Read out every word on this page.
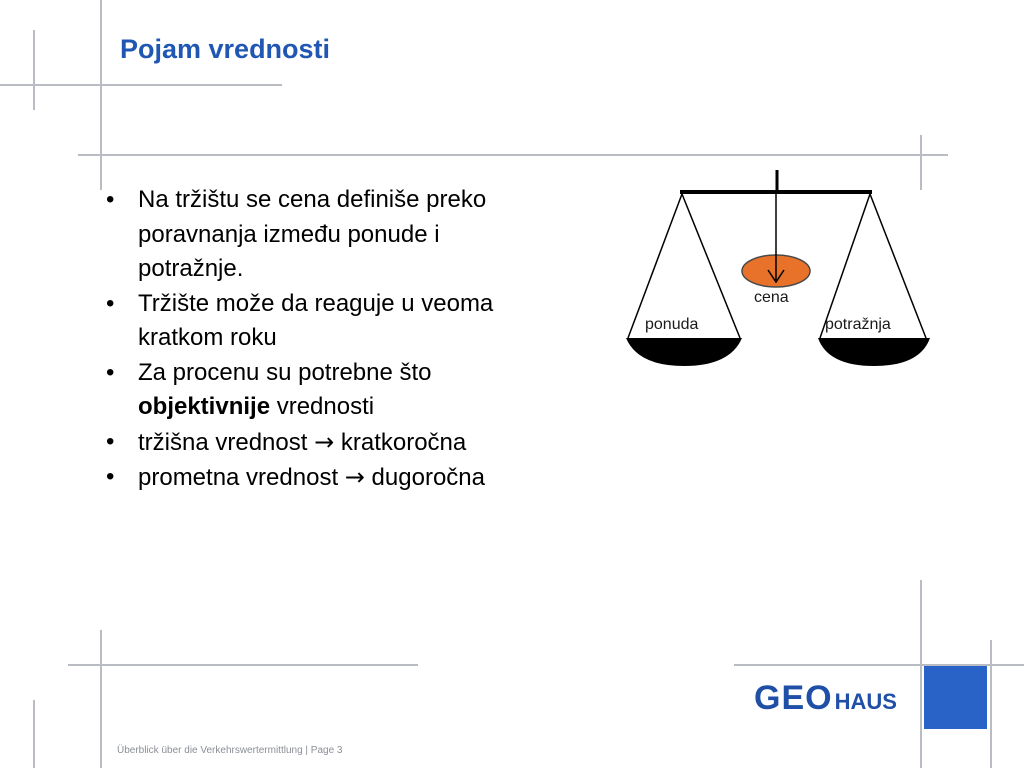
Pojam vrednosti
• Na tržištu se cena definiše preko poravnanja između ponude i potražnje.
• Tržište može da reaguje u veoma kratkom roku
• Za procenu su potrebne što objektivnije vrednosti
• tržišna vrednost → kratkoročna
• prometna vrednost → dugoročna
cena
ponuda	potražnja
GEO HAUS
Überblick über die Verkehrswertermittlung | Page 3
